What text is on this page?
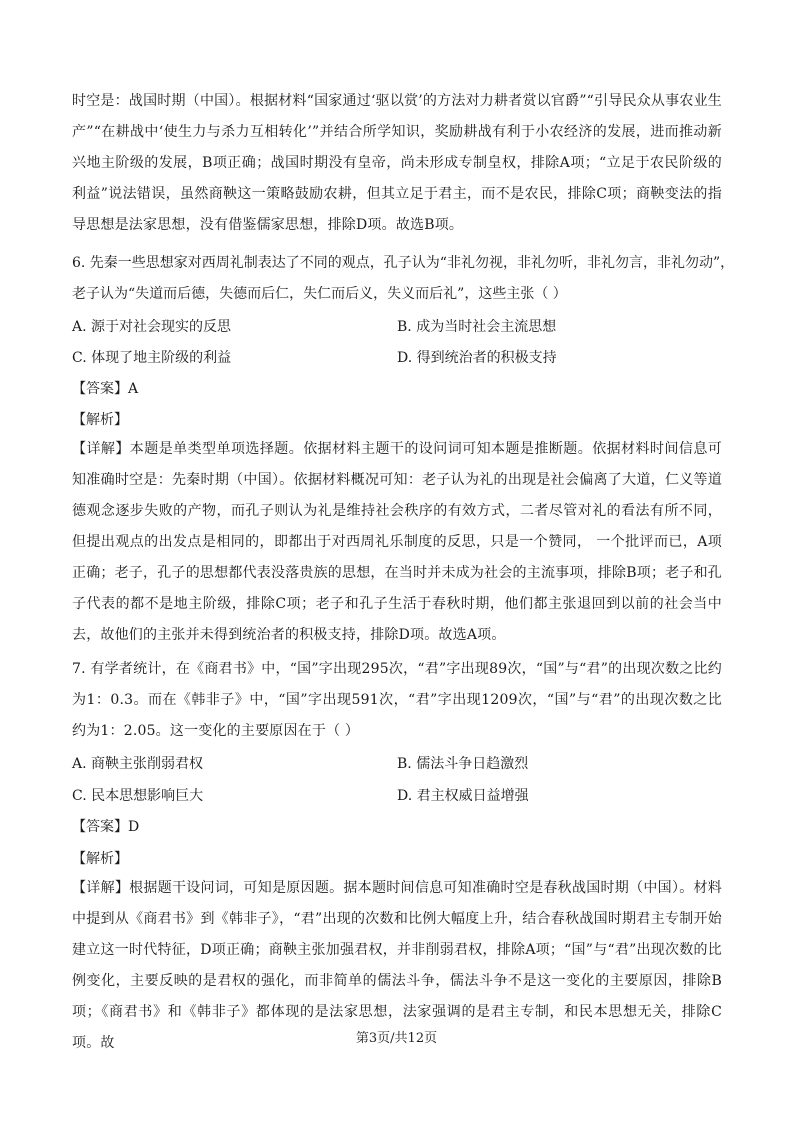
时空是：战国时期（中国）。根据材料“国家通过‘驱以赏’的方法对力耕者赏以官爵”“引导民众从事农业生产”“在耕战中‘使生力与杀力互相转化’”并结合所学知识，奖励耕战有利于小农经济的发展，进而推动新兴地主阶级的发展，B项正确；战国时期没有皇帝，尚未形成专制皇权，排除A项；“立足于农民阶级的利益”说法错误，虽然商鞅这一策略鼓励农耕，但其立足于君主，而不是农民，排除C项；商鞅变法的指导思想是法家思想，没有借鉴儒家思想，排除D项。故选B项。
6. 先秦一些思想家对西周礼制表达了不同的观点，孔子认为“非礼勿视，非礼勿听，非礼勿言，非礼勿动”，
老子认为“失道而后德，失德而后仁，失仁而后义，失义而后礼”，这些主张（ ）
A. 源于对社会现实的反思	B. 成为当时社会主流思想
C. 体现了地主阶级的利益	D. 得到统治者的积极支持
【答案】A
【解析】
【详解】本题是单类型单项选择题。依据材料主题干的设问词可知本题是推断题。依据材料时间信息可知准确时空是：先秦时期（中国）。依据材料概况可知：老子认为礼的出现是社会偏离了大道，仁义等道德观念逐步失败的产物，而孔子则认为礼是维持社会秩序的有效方式，二者尽管对礼的看法有所不同，但提出观点的出发点是相同的，即都出于对西周礼乐制度的反思，只是一个赞同， 一个批评而已，A项正确；老子，孔子的思想都代表没落贵族的思想，在当时并未成为社会的主流事项，排除B项；老子和孔子代表的都不是地主阶级，排除C项；老子和孔子生活于春秋时期，他们都主张退回到以前的社会当中去，故他们的主张并未得到统治者的积极支持，排除D项。故选A项。
7. 有学者统计，在《商君书》中，“国”字出现295次，“君”字出现89次，“国”与“君”的出现次数之比约为1：0.3。而在《韩非子》中，“国”字出现591次，“君”字出现1209次，“国”与“君”的出现次数之比约为1：2.05。这一变化的主要原因在于（ ）
A. 商鞅主张削弱君权	B. 儒法斗争日趋激烈
C. 民本思想影响巨大	D. 君主权威日益增强
【答案】D
【解析】
【详解】根据题干设问词，可知是原因题。据本题时间信息可知准确时空是春秋战国时期（中国）。材料中提到从《商君书》到《韩非子》，“君”出现的次数和比例大幅度上升，结合春秋战国时期君主专制开始建立这一时代特征，D项正确；商鞅主张加强君权，并非削弱君权，排除A项；“国”与“君”出现次数的比例变化，主要反映的是君权的强化，而非简单的儒法斗争，儒法斗争不是这一变化的主要原因，排除B项；《商君书》和《韩非子》都体现的是法家思想，法家强调的是君主专制，和民本思想无关，排除C项。故	第3页/共12页
